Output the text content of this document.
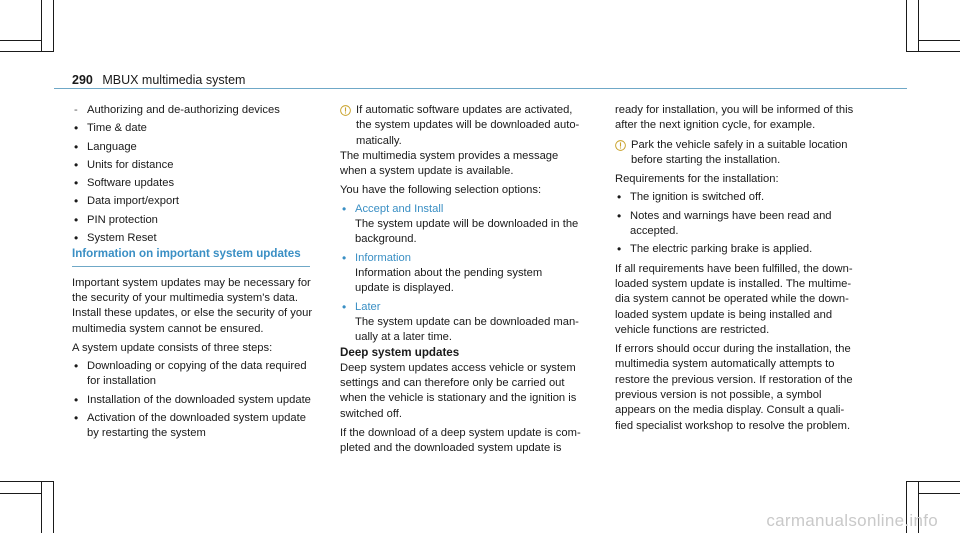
290 MBUX multimedia system

- Authorizing and de-authorizing devices

• Time & date

• Language

• Units for distance

• Software updates

• Data import/export

• PIN protection

• System Reset

Information on important system updates

Important system updates may be necessary for

the security of your multimedia system's data.

Install these updates, or else the security of your

multimedia system cannot be ensured.

A system update consists of three steps:

• Downloading or copying of the data required

for installation

• Installation of the downloaded system update

• Activation of the downloaded system update

by restarting the system

If automatic software updates are activated,

the system updates will be downloaded auto-

matically.

The multimedia system provides a message

when a system update is available.

You have the following selection options:

• Accept and Install

The system update will be downloaded in the

background.

• Information

Information about the pending system

update is displayed.

• Later

The system update can be downloaded man-

ually at a later time.

Deep system updates

Deep system updates access vehicle or system

settings and can therefore only be carried out

when the vehicle is stationary and the ignition is

switched off.

If the download of a deep system update is com-

pleted and the downloaded system update is

ready for installation, you will be informed of this

after the next ignition cycle, for example.

Park the vehicle safely in a suitable location

before starting the installation.

Requirements for the installation:

• The ignition is switched off.

• Notes and warnings have been read and

accepted.

• The electric parking brake is applied.

If all requirements have been fulfilled, the down-

loaded system update is installed. The multime-

dia system cannot be operated while the down-

loaded system update is being installed and

vehicle functions are restricted.

If errors should occur during the installation, the

multimedia system automatically attempts to

restore the previous version. If restoration of the

previous version is not possible, a symbol

appears on the media display. Consult a quali-

fied specialist workshop to resolve the problem.

carmanualsonline.info
